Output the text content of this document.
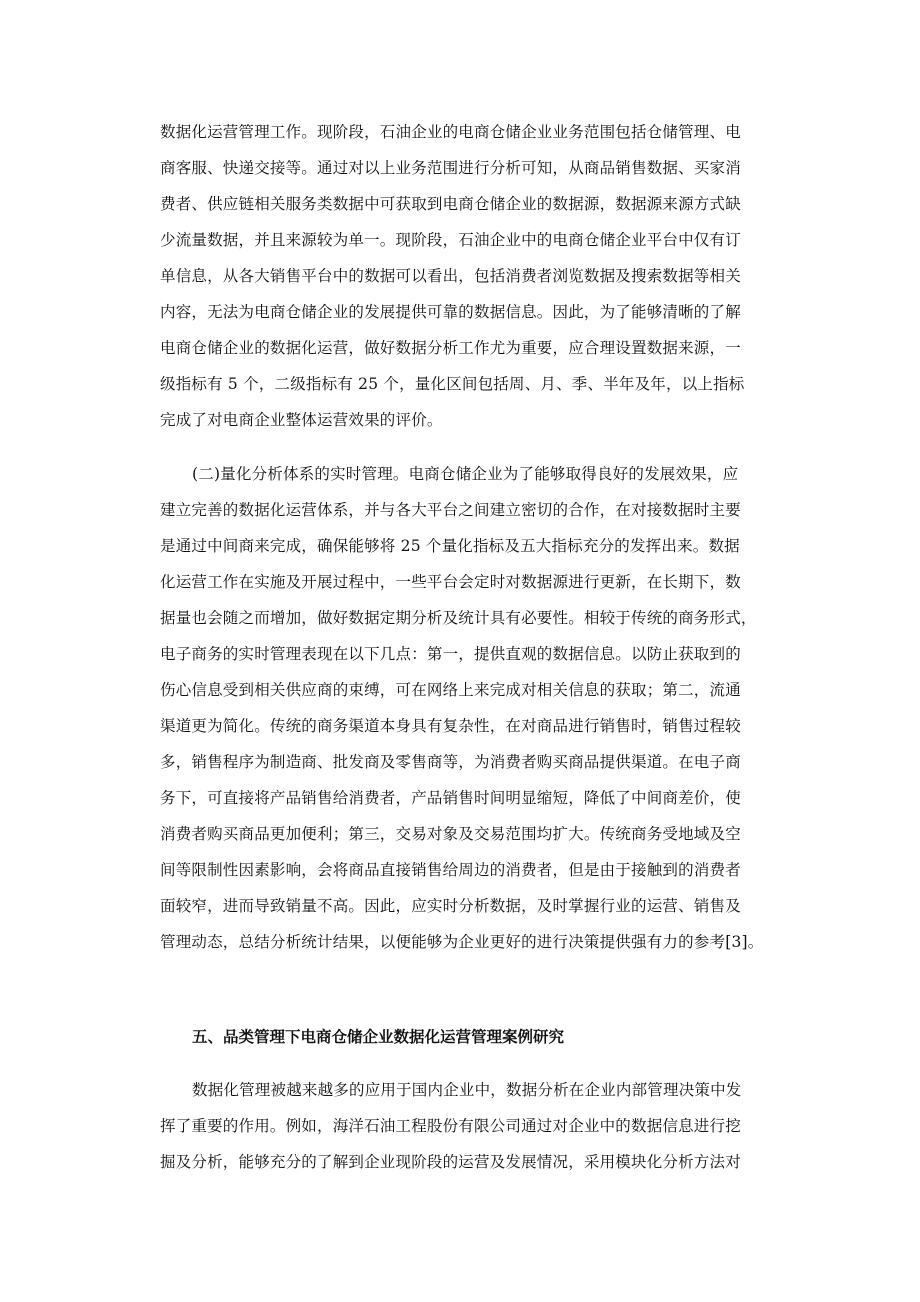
数据化运营管理工作。现阶段，石油企业的电商仓储企业业务范围包括仓储管理、电
商客服、快递交接等。通过对以上业务范围进行分析可知，从商品销售数据、买家消
费者、供应链相关服务类数据中可获取到电商仓储企业的数据源，数据源来源方式缺
少流量数据，并且来源较为单一。现阶段，石油企业中的电商仓储企业平台中仅有订
单信息，从各大销售平台中的数据可以看出，包括消费者浏览数据及搜索数据等相关
内容，无法为电商仓储企业的发展提供可靠的数据信息。因此，为了能够清晰的了解
电商仓储企业的数据化运营，做好数据分析工作尤为重要，应合理设置数据来源，一
级指标有 5 个，二级指标有 25 个，量化区间包括周、月、季、半年及年，以上指标
完成了对电商企业整体运营效果的评价。
(二)量化分析体系的实时管理。电商仓储企业为了能够取得良好的发展效果，应
建立完善的数据化运营体系，并与各大平台之间建立密切的合作，在对接数据时主要
是通过中间商来完成，确保能够将 25 个量化指标及五大指标充分的发挥出来。数据
化运营工作在实施及开展过程中，一些平台会定时对数据源进行更新，在长期下，数
据量也会随之而增加，做好数据定期分析及统计具有必要性。相较于传统的商务形式，
电子商务的实时管理表现在以下几点：第一，提供直观的数据信息。以防止获取到的
伤心信息受到相关供应商的束缚，可在网络上来完成对相关信息的获取；第二，流通
渠道更为简化。传统的商务渠道本身具有复杂性，在对商品进行销售时，销售过程较
多，销售程序为制造商、批发商及零售商等，为消费者购买商品提供渠道。在电子商
务下，可直接将产品销售给消费者，产品销售时间明显缩短，降低了中间商差价，使
消费者购买商品更加便利；第三，交易对象及交易范围均扩大。传统商务受地域及空
间等限制性因素影响，会将商品直接销售给周边的消费者，但是由于接触到的消费者
面较窄，进而导致销量不高。因此，应实时分析数据，及时掌握行业的运营、销售及
管理动态，总结分析统计结果，以便能够为企业更好的进行决策提供强有力的参考[3]。
五、品类管理下电商仓储企业数据化运营管理案例研究
数据化管理被越来越多的应用于国内企业中，数据分析在企业内部管理决策中发
挥了重要的作用。例如，海洋石油工程股份有限公司通过对企业中的数据信息进行挖
掘及分析，能够充分的了解到企业现阶段的运营及发展情况，采用模块化分析方法对
